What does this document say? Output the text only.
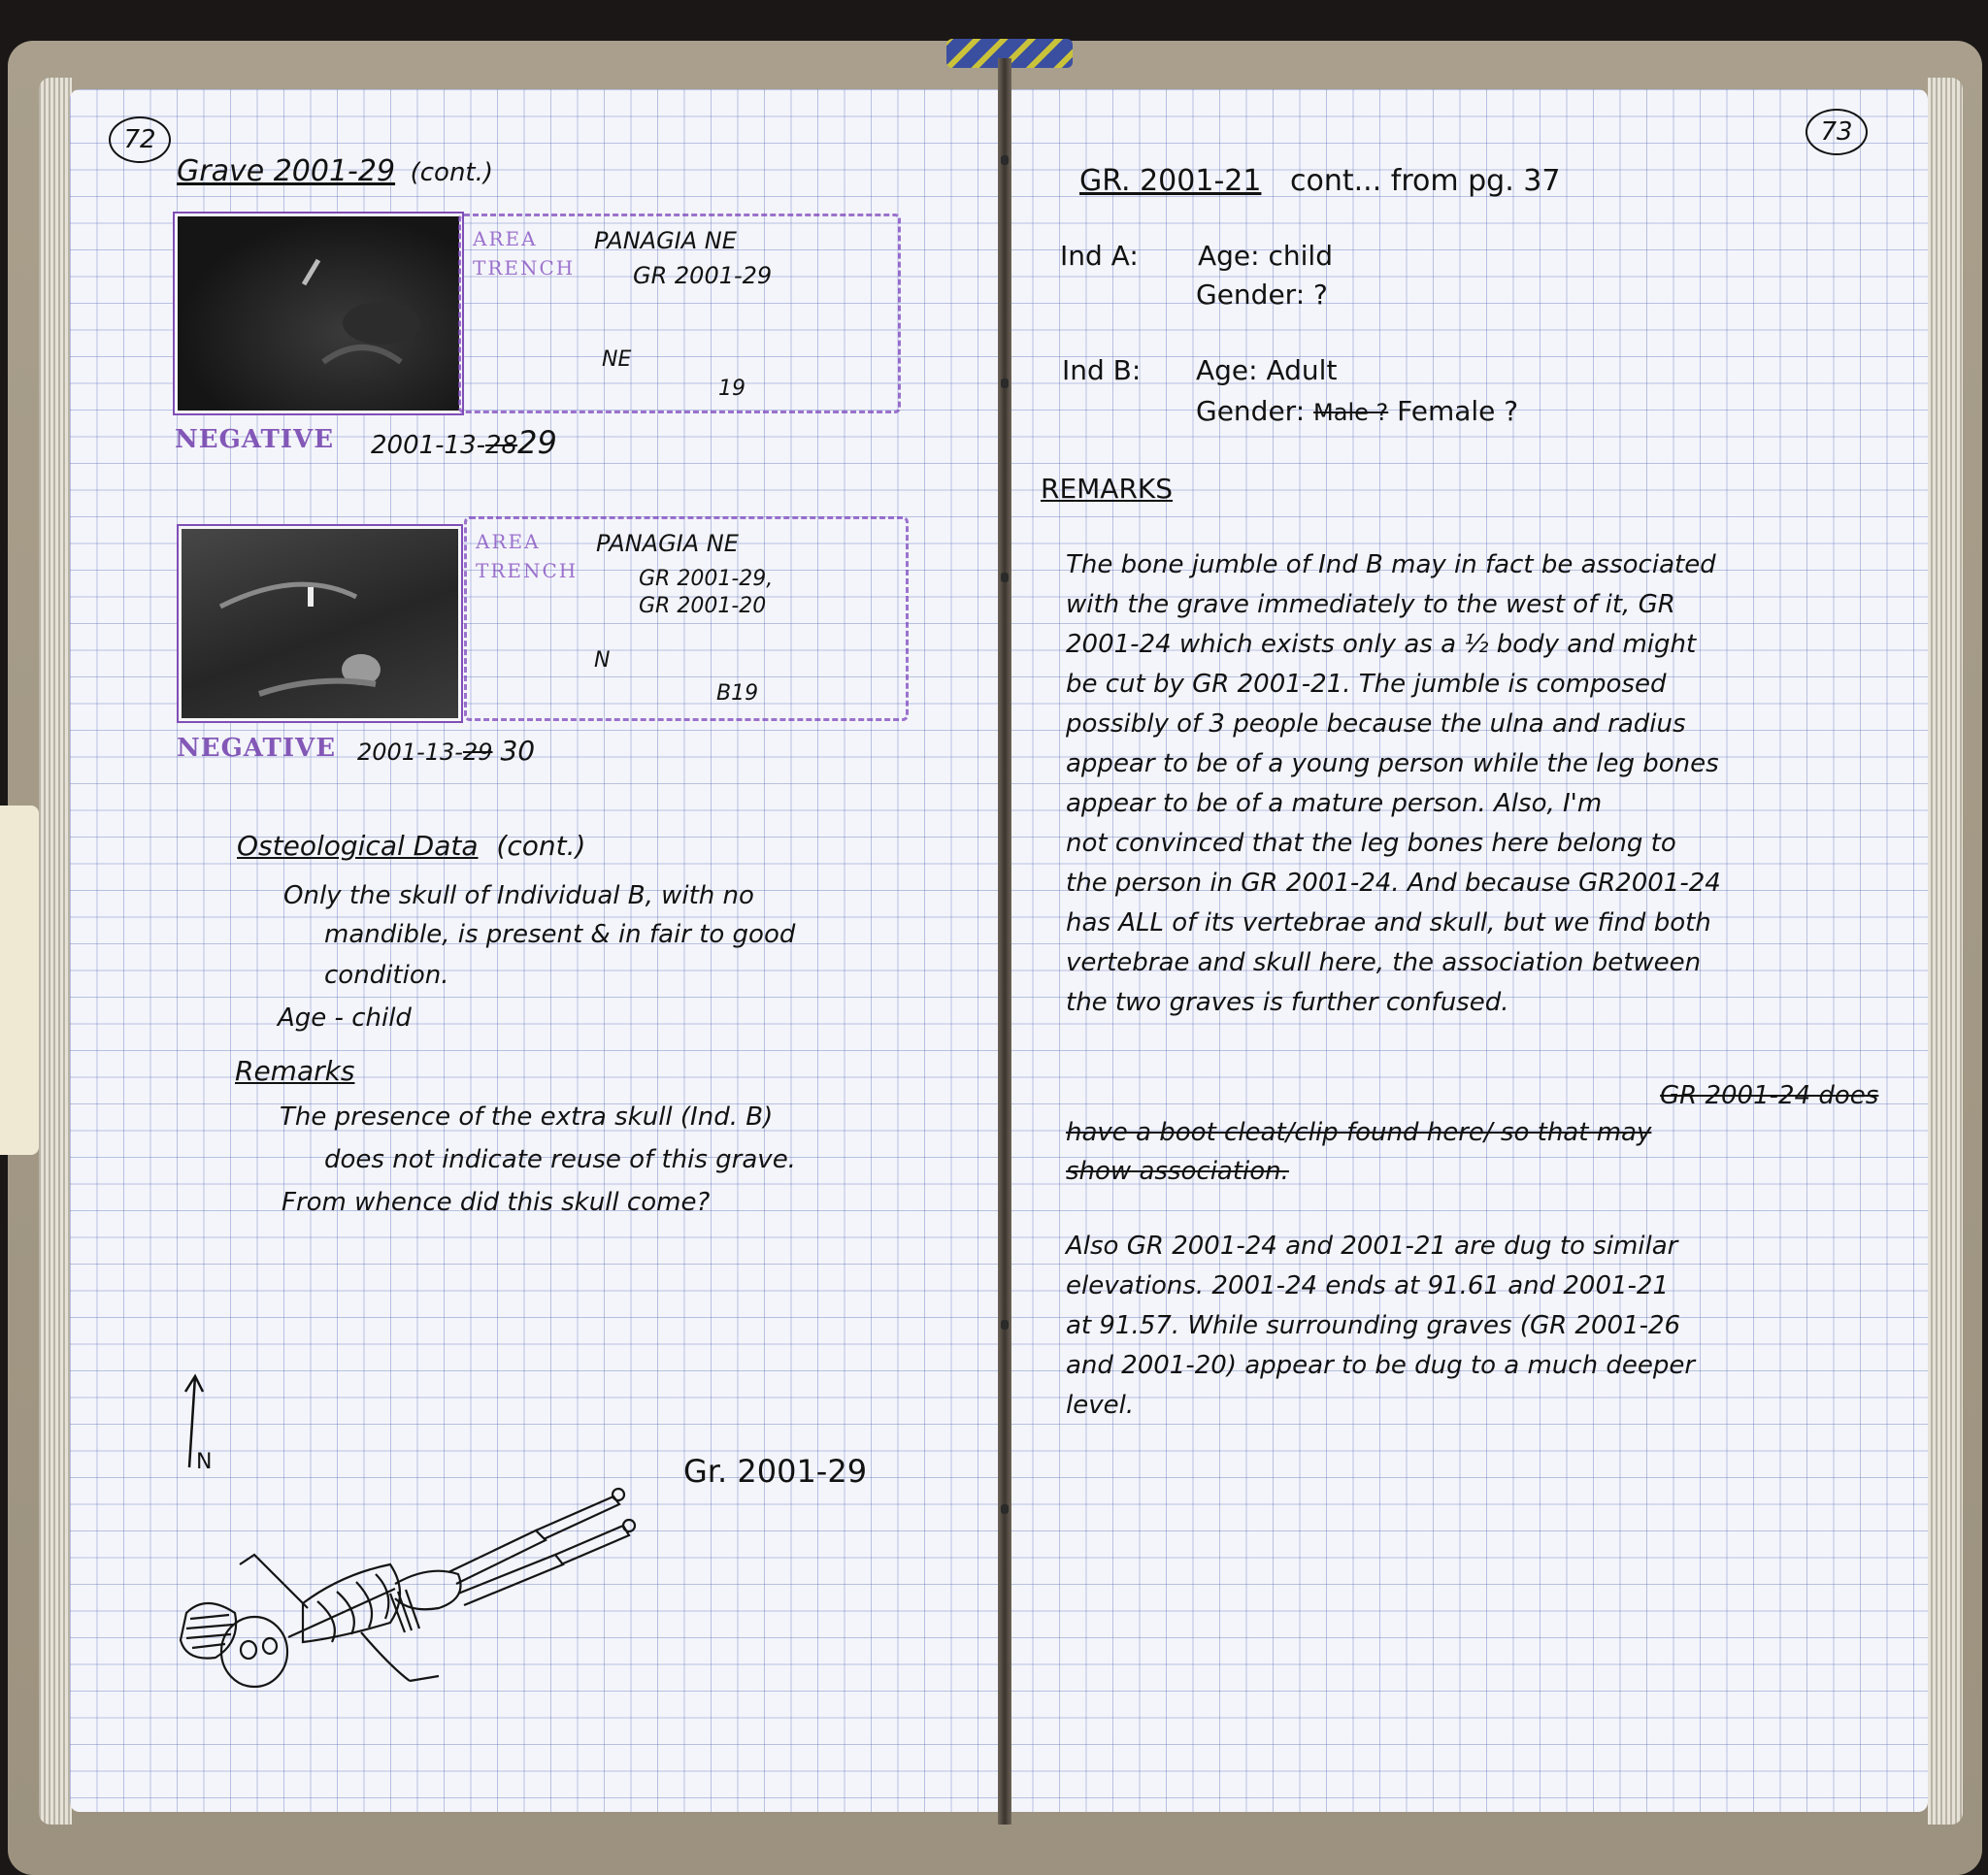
72
Grave 2001-29 (cont.)
AREA
TRENCH
PANAGIA NE
GR 2001-29
NE
19
NEGATIVE 2001-13-2829
AREA
TRENCH
PANAGIA NE
GR 2001-29,
GR 2001-20
N
B19
NEGATIVE 2001-13-29 30
Osteological Data (cont.)
Only the skull of Individual B, with no
mandible, is present & in fair to good
condition.
Age - child
Remarks
The presence of the extra skull (Ind. B)
does not indicate reuse of this grave.
From whence did this skull come?
N	Gr. 2001-29
73
GR. 2001-21 cont... from pg. 37
Ind A: Age: child
Gender: ?
Ind B: Age: Adult
Gender: Male ? Female ?
REMARKS
The bone jumble of Ind B may in fact be associated
with the grave immediately to the west of it, GR
2001-24 which exists only as a ½ body and might
be cut by GR 2001-21. The jumble is composed
possibly of 3 people because the ulna and radius
appear to be of a young person while the leg bones
appear to be of a mature person. Also, I'm
not convinced that the leg bones here belong to
the person in GR 2001-24. And because GR2001-24
has ALL of its vertebrae and skull, but we find both
vertebrae and skull here, the association between
the two graves is further confused.
GR 2001-24 does
have a boot cleat/clip found here/ so that may
show association.
Also GR 2001-24 and 2001-21 are dug to similar
elevations. 2001-24 ends at 91.61 and 2001-21
at 91.57. While surrounding graves (GR 2001-26
and 2001-20) appear to be dug to a much deeper
level.
